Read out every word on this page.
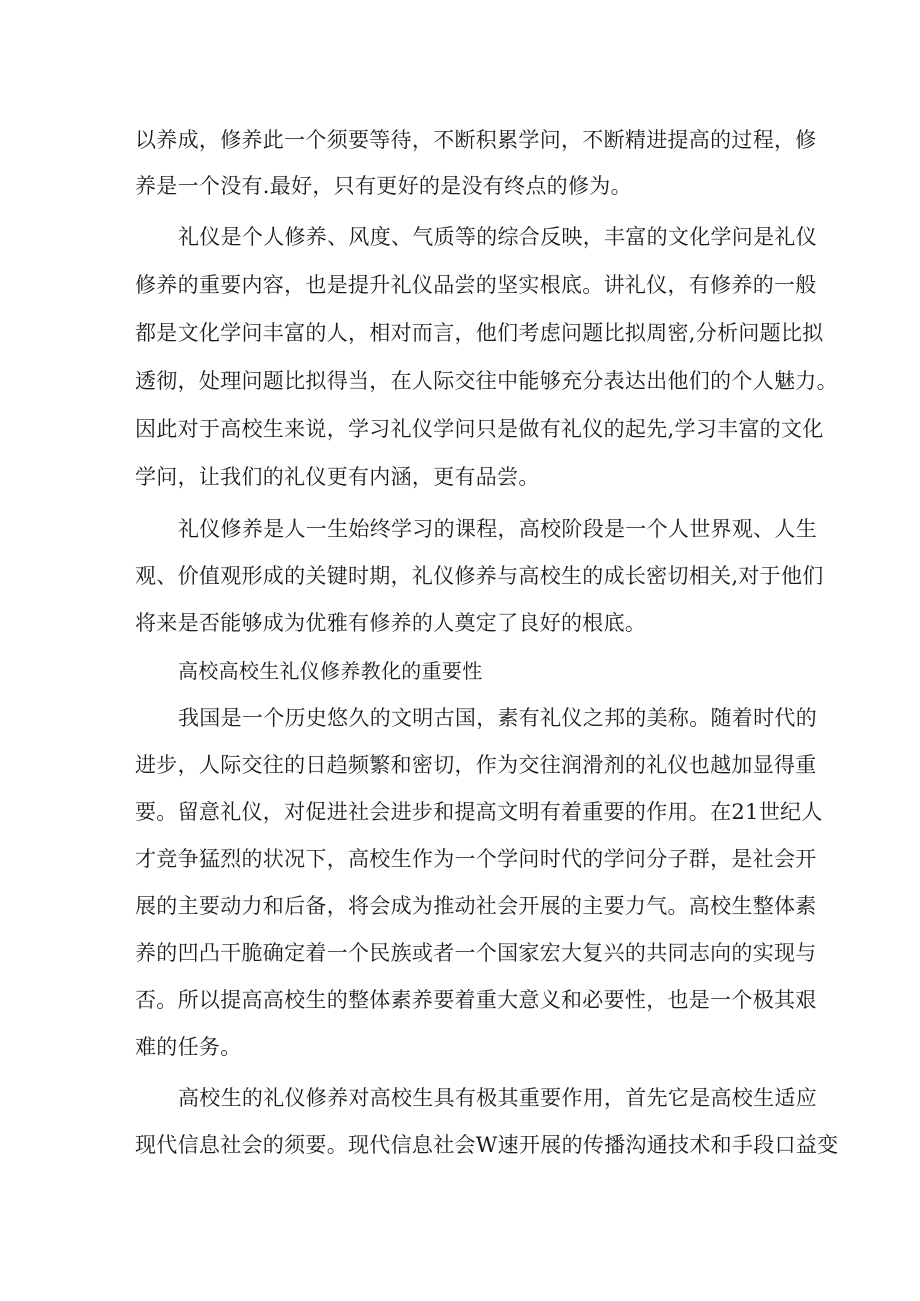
以养成，修养此一个须要等待，不断积累学问，不断精进提高的过程，修

养是一个没有.最好，只有更好的是没有终点的修为。

礼仪是个人修养、风度、气质等的综合反映，丰富的文化学问是礼仪

修养的重要内容，也是提升礼仪品尝的坚实根底。讲礼仪，有修养的一般

都是文化学问丰富的人，相对而言，他们考虑问题比拟周密,分析问题比拟

透彻，处理问题比拟得当，在人际交往中能够充分表达出他们的个人魅力。

因此对于高校生来说，学习礼仪学问只是做有礼仪的起先,学习丰富的文化

学问，让我们的礼仪更有内涵，更有品尝。

礼仪修养是人一生始终学习的课程，高校阶段是一个人世界观、人生

观、价值观形成的关键时期，礼仪修养与高校生的成长密切相关,对于他们

将来是否能够成为优雅有修养的人奠定了良好的根底。

高校高校生礼仪修养教化的重要性

我国是一个历史悠久的文明古国，素有礼仪之邦的美称。随着时代的

进步，人际交往的日趋频繁和密切，作为交往润滑剂的礼仪也越加显得重

要。留意礼仪，对促进社会进步和提高文明有着重要的作用。在21世纪人

才竞争猛烈的状况下，高校生作为一个学问时代的学问分子群，是社会开

展的主要动力和后备，将会成为推动社会开展的主要力气。高校生整体素

养的凹凸干脆确定着一个民族或者一个国家宏大复兴的共同志向的实现与

否。所以提高高校生的整体素养要着重大意义和必要性，也是一个极其艰

难的任务。

高校生的礼仪修养对高校生具有极其重要作用，首先它是高校生适应

现代信息社会的须要。现代信息社会W速开展的传播沟通技术和手段口益变
